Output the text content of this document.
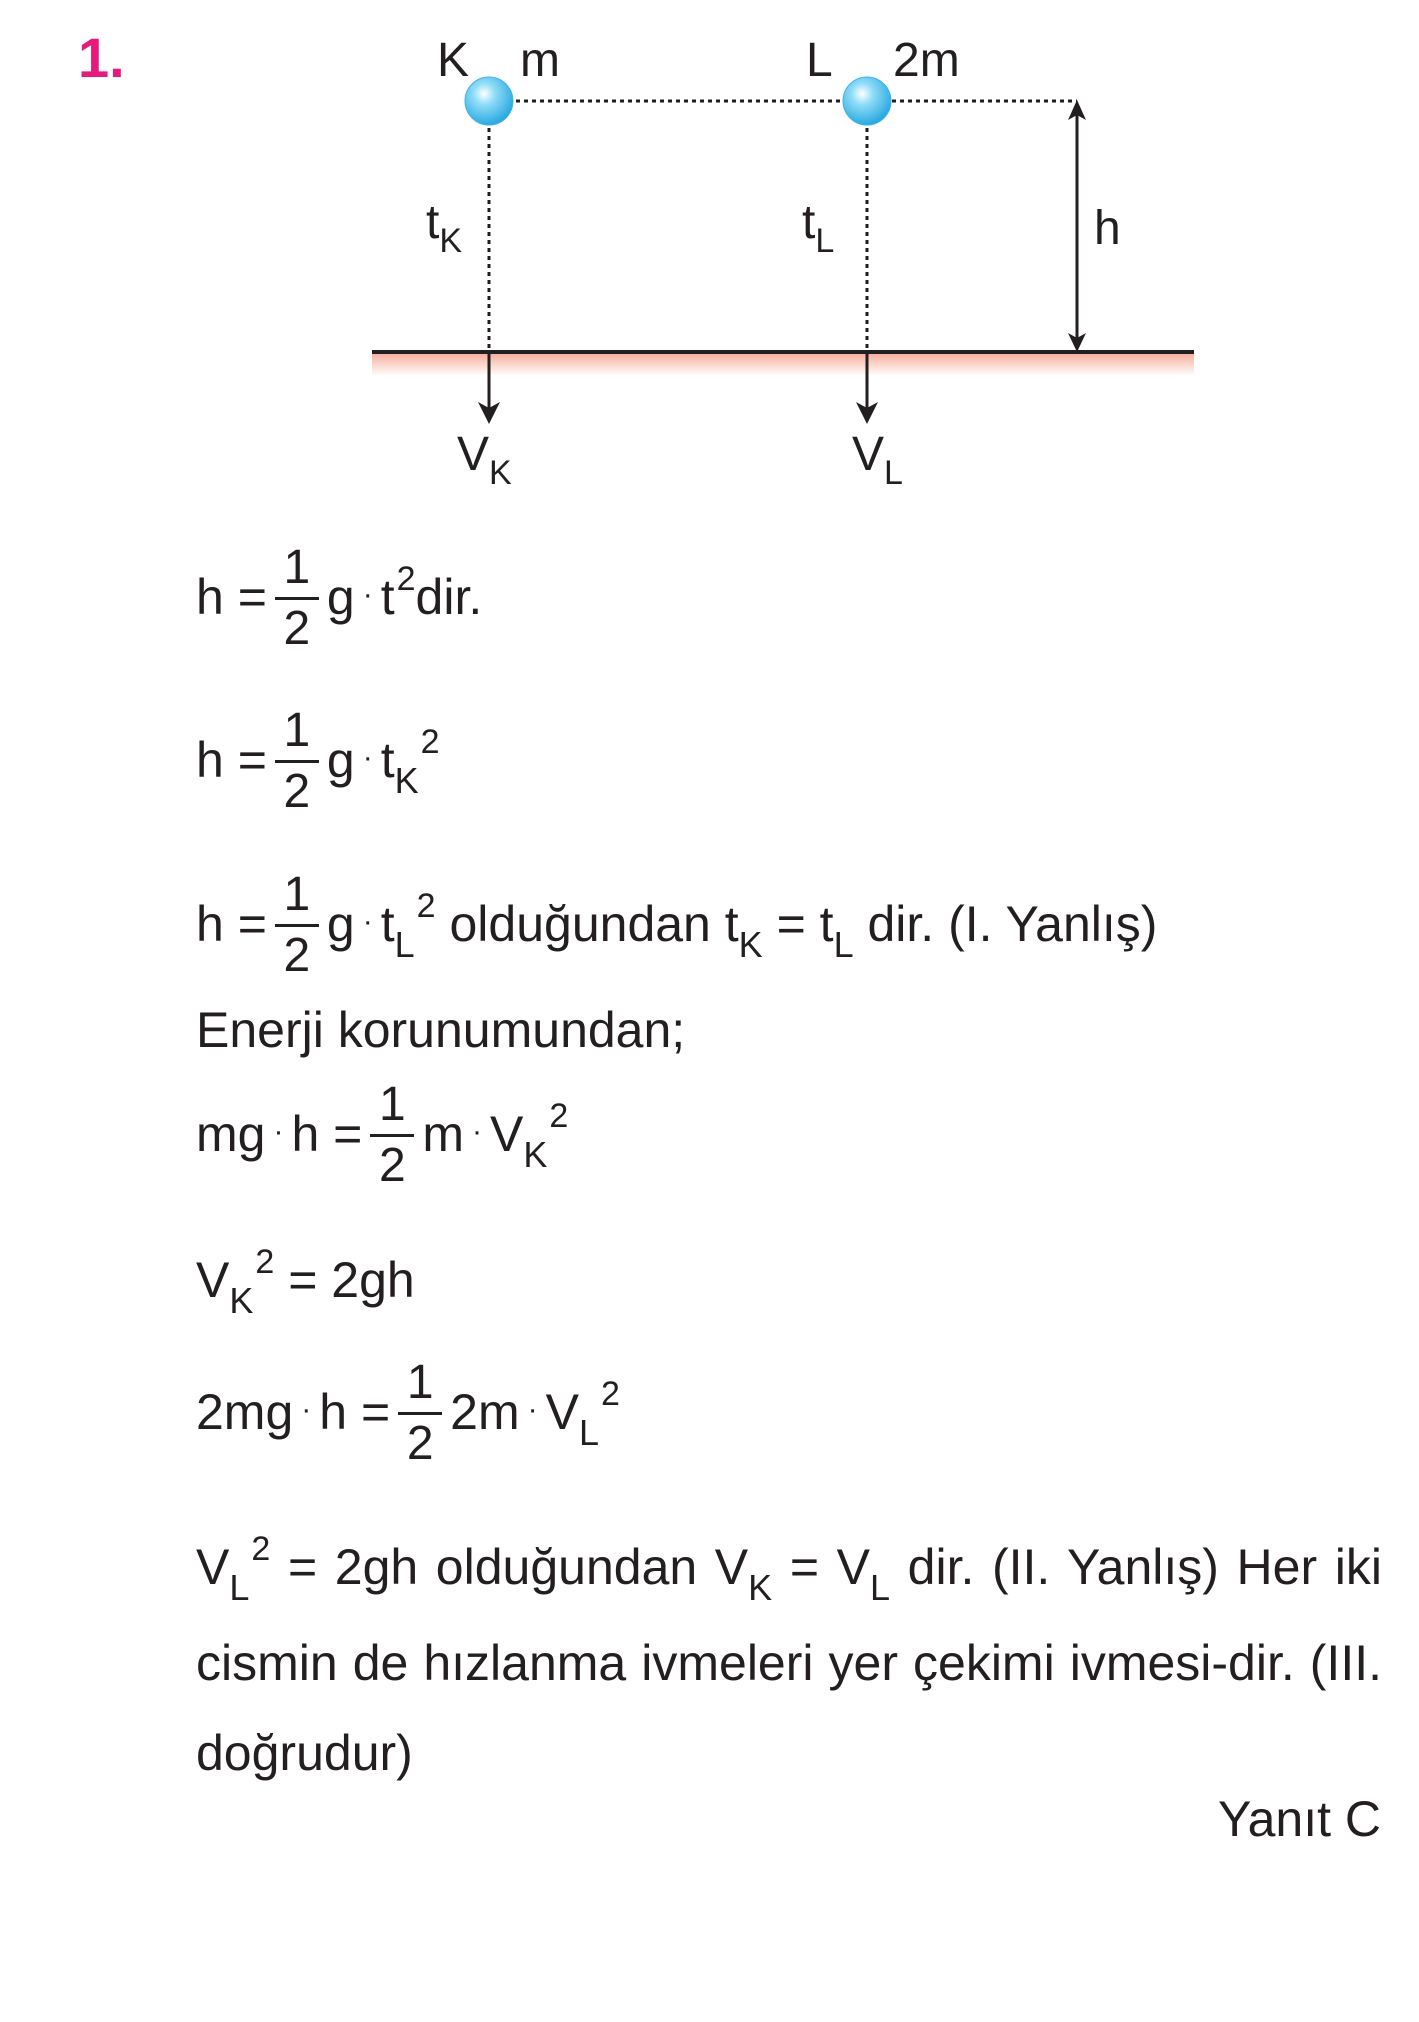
1.	K m	L 2m
$t_K$	$t_L$	h
$V_K$	$V_L$
$h = \frac{1}{2}$ $g \cdot t^2dir$.
$h = \frac{1}{2}$ $g \cdot t_K^2$
$h = \frac{1}{2}$ $g \cdot t_L^2$ olduğundan $t_K = t_L$ dir. (I. Yanlış)
Enerji korunumundan;
mg · $h = \frac{1}{2}$ $m \cdot V_K^2$
$V_K^2 = 2gh$
$2mg \cdot h = \frac{1}{2} 2m \cdot V_L^2$
$V_L^2 = 2gh$ olduğundan $V_K = V_L$ dir. (II. Yanlış) Her iki cismin de hızlanma ivmeleri yer çekimi ivmesi-dir. (III. doğrudur)
Yanıt C
